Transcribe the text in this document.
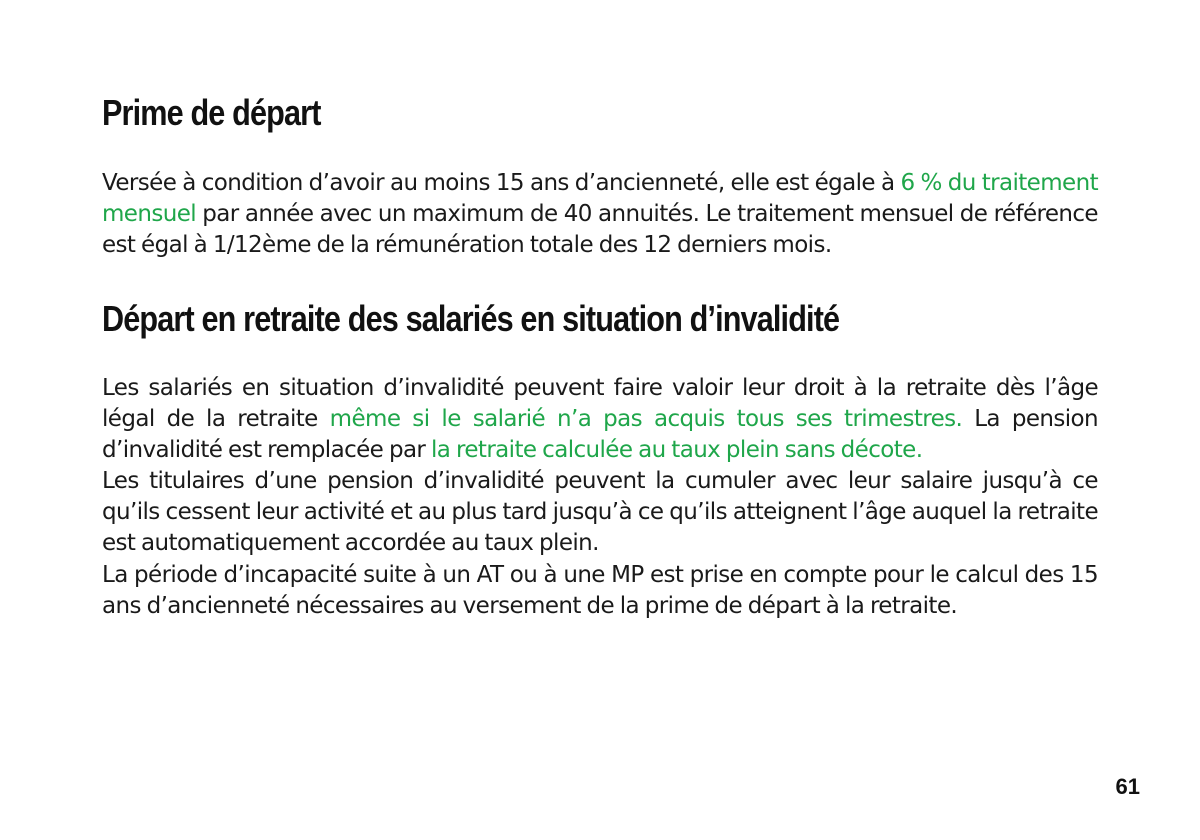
Prime de départ

Versée à condition d’avoir au moins 15 ans d’ancienneté, elle est égale à 6 % du traitement mensuel par année avec un maximum de 40 annuités. Le traitement mensuel de référence est égal à 1/12ème de la rémunération totale des 12 derniers mois.

Départ en retraite des salariés en situation d’invalidité

Les salariés en situation d’invalidité peuvent faire valoir leur droit à la retraite dès l’âge légal de la retraite même si le salarié n’a pas acquis tous ses trimestres. La pension d’invalidité est remplacée par la retraite calculée au taux plein sans décote.

Les titulaires d’une pension d’invalidité peuvent la cumuler avec leur salaire jusqu’à ce qu’ils cessent leur activité et au plus tard jusqu’à ce qu’ils atteignent l’âge auquel la retraite est automatiquement accordée au taux plein.

La période d’incapacité suite à un AT ou à une MP est prise en compte pour le calcul des 15 ans d’ancienneté nécessaires au versement de la prime de départ à la retraite.

61
